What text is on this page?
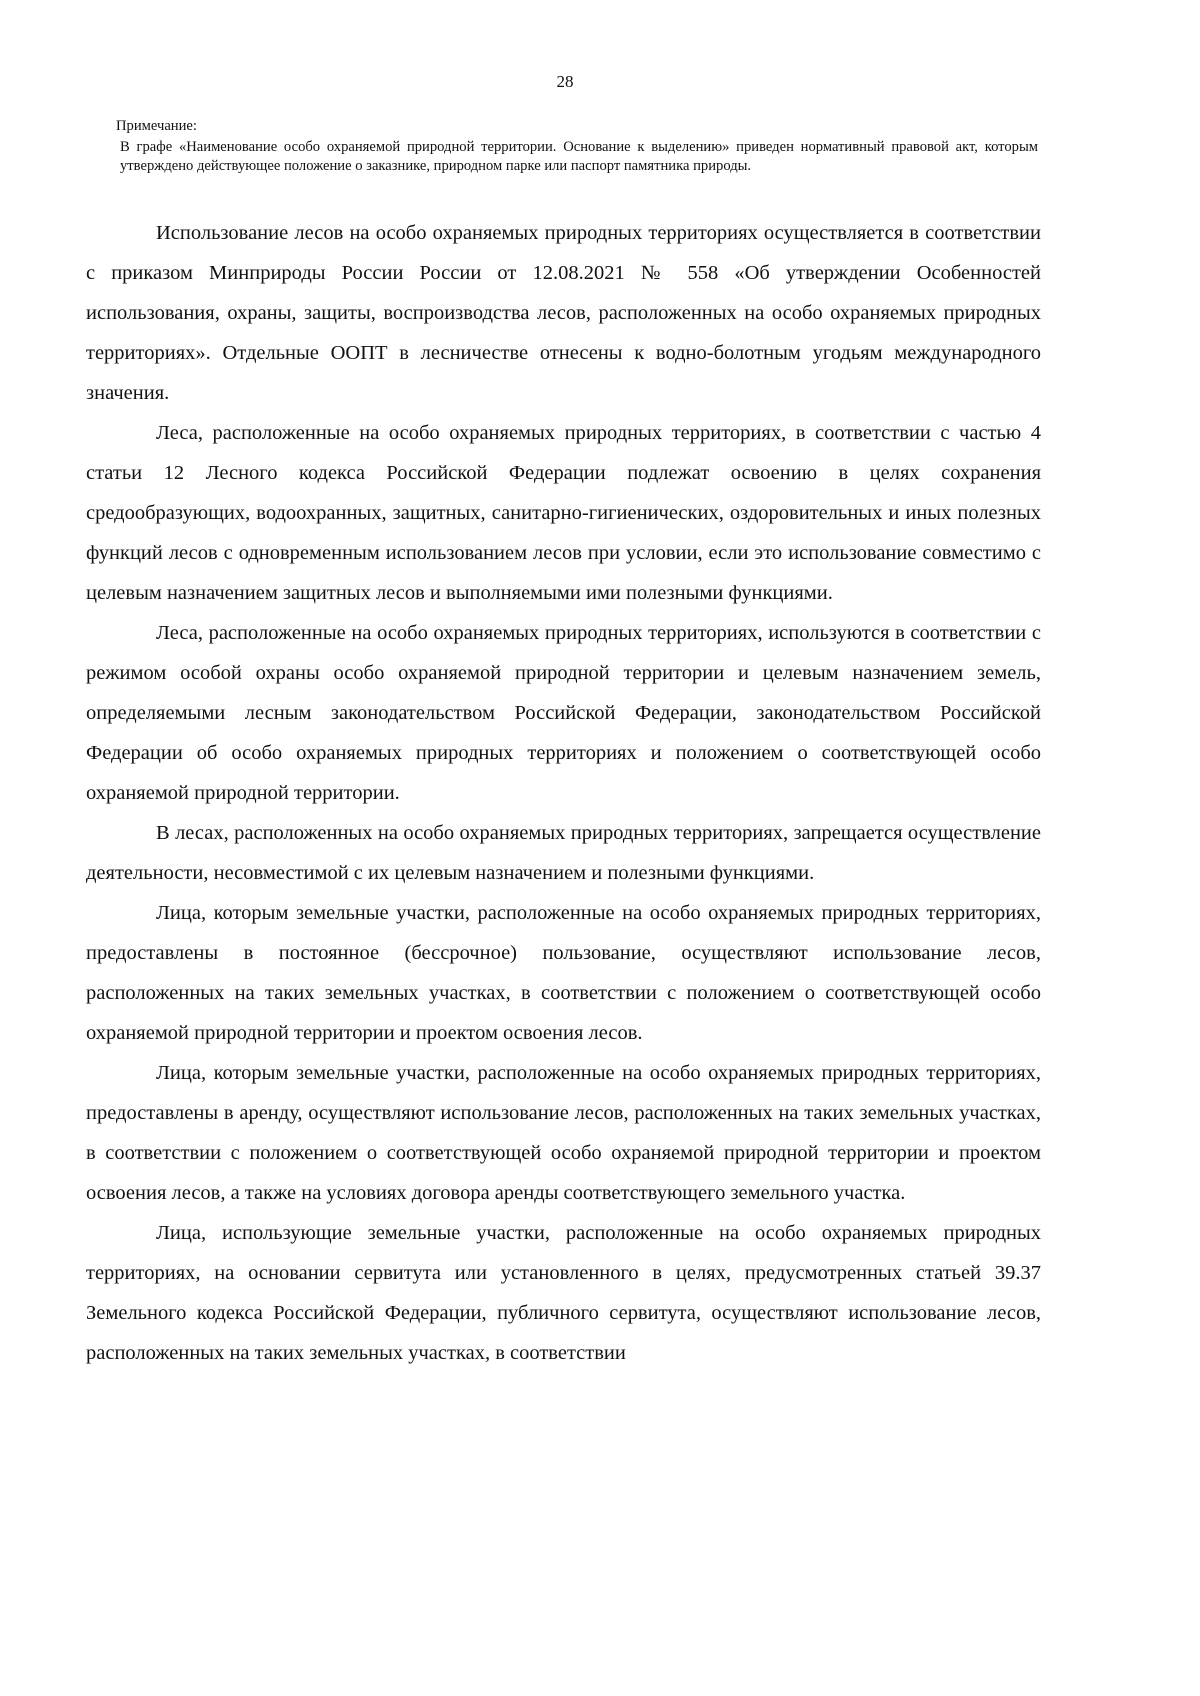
28
Примечание:

В графе «Наименование особо охраняемой природной территории. Основание к выделению» приведен нормативный правовой акт, которым утверждено действующее положение о заказнике, природном парке или паспорт памятника природы.

Использование лесов на особо охраняемых природных территориях осуществляется в соответствии с приказом Минприроды России России от 12.08.2021 № 558 «Об утверждении Особенностей использования, охраны, защиты, воспроизводства лесов, расположенных на особо охраняемых природных территориях». Отдельные ООПТ в лесничестве отнесены к водно-болотным угодьям международного значения.

Леса, расположенные на особо охраняемых природных территориях, в соответствии с частью 4 статьи 12 Лесного кодекса Российской Федерации подлежат освоению в целях сохранения средообразующих, водоохранных, защитных, санитарно-гигиенических, оздоровительных и иных полезных функций лесов с одновременным использованием лесов при условии, если это использование совместимо с целевым назначением защитных лесов и выполняемыми ими полезными функциями.

Леса, расположенные на особо охраняемых природных территориях, используются в соответствии с режимом особой охраны особо охраняемой природной территории и целевым назначением земель, определяемыми лесным законодательством Российской Федерации, законодательством Российской Федерации об особо охраняемых природных территориях и положением о соответствующей особо охраняемой природной территории.

В лесах, расположенных на особо охраняемых природных территориях, запрещается осуществление деятельности, несовместимой с их целевым назначением и полезными функциями.

Лица, которым земельные участки, расположенные на особо охраняемых природных территориях, предоставлены в постоянное (бессрочное) пользование, осуществляют использование лесов, расположенных на таких земельных участках, в соответствии с положением о соответствующей особо охраняемой природной территории и проектом освоения лесов.

Лица, которым земельные участки, расположенные на особо охраняемых природных территориях, предоставлены в аренду, осуществляют использование лесов, расположенных на таких земельных участках, в соответствии с положением о соответствующей особо охраняемой природной территории и проектом освоения лесов, а также на условиях договора аренды соответствующего земельного участка.

Лица, использующие земельные участки, расположенные на особо охраняемых природных территориях, на основании сервитута или установленного в целях, предусмотренных статьей 39.37 Земельного кодекса Российской Федерации, публичного сервитута, осуществляют использование лесов, расположенных на таких земельных участках, в соответствии
